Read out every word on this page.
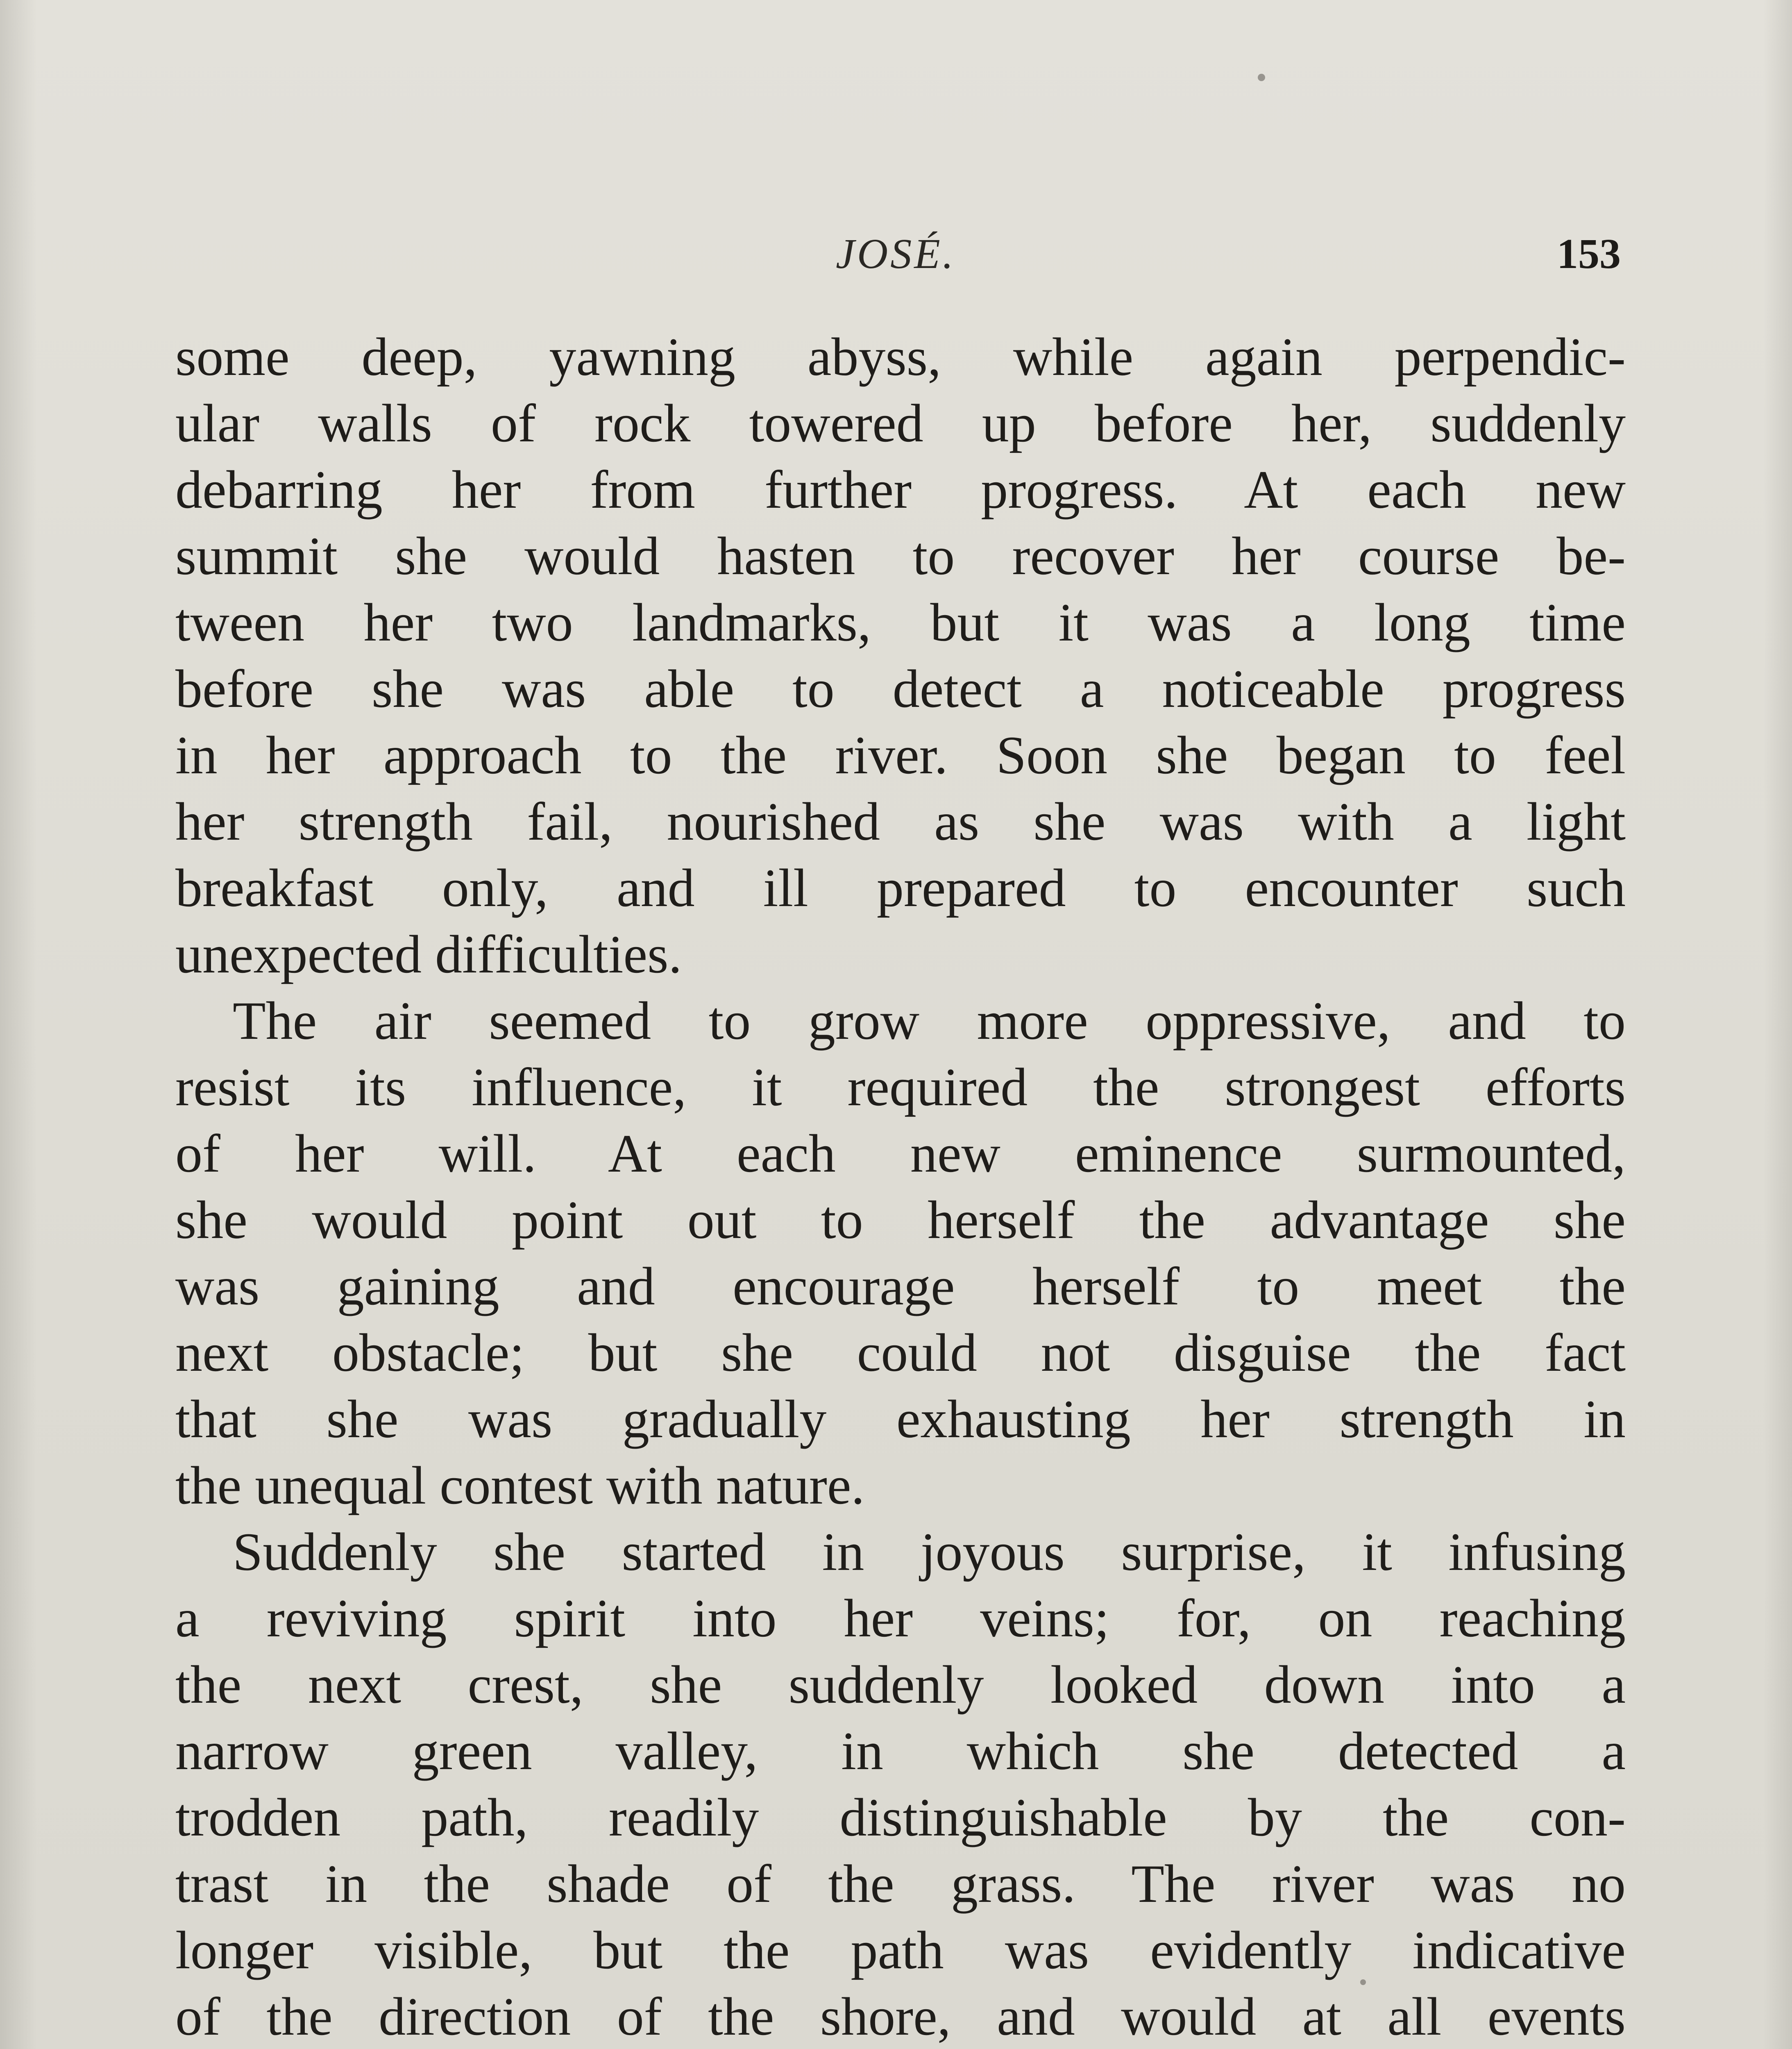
JOSÉ.	153
some deep, yawning abyss, while again perpendic-
ular walls of rock towered up before her, suddenly
debarring her from further progress. At each new
summit she would hasten to recover her course be-
tween her two landmarks, but it was a long time
before she was able to detect a noticeable progress
in her approach to the river. Soon she began to feel
her strength fail, nourished as she was with a light
breakfast only, and ill prepared to encounter such
unexpected difficulties.
The air seemed to grow more oppressive, and to
resist its influence, it required the strongest efforts
of her will. At each new eminence surmounted,
she would point out to herself the advantage she
was gaining and encourage herself to meet the
next obstacle; but she could not disguise the fact
that she was gradually exhausting her strength in
the unequal contest with nature.
Suddenly she started in joyous surprise, it infusing
a reviving spirit into her veins; for, on reaching
the next crest, she suddenly looked down into a
narrow green valley, in which she detected a
trodden path, readily distinguishable by the con-
trast in the shade of the grass. The river was no
longer visible, but the path was evidently indicative
of the direction of the shore, and would at all events
